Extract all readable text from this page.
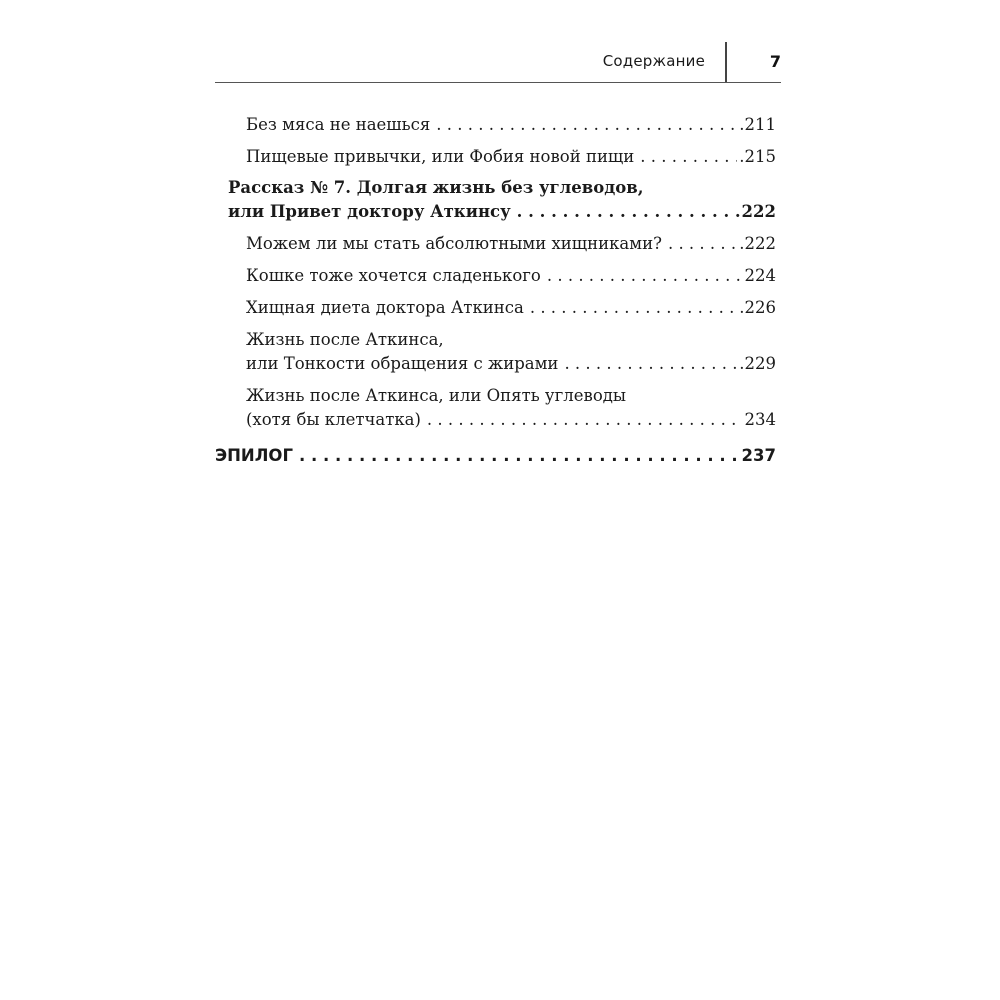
Содержание	7
Без мяса не наешься . . .	.211
Пищевые привычки, или Фобия новой пищи . . .	.215
Рассказ № 7. Долгая жизнь без углеводов,
или Привет доктору Аткинсу . . .	222
Можем ли мы стать абсолютными хищниками? . . .	.222
Кошке тоже хочется сладенького . . .	224
Хищная диета доктора Аткинса . . .	.226
Жизнь после Аткинса,
или Тонкости обращения с жирами . . .	.229
Жизнь после Аткинса, или Опять углеводы
(хотя бы клетчатка) . . .	234
ЭПИЛОГ . . .	237
